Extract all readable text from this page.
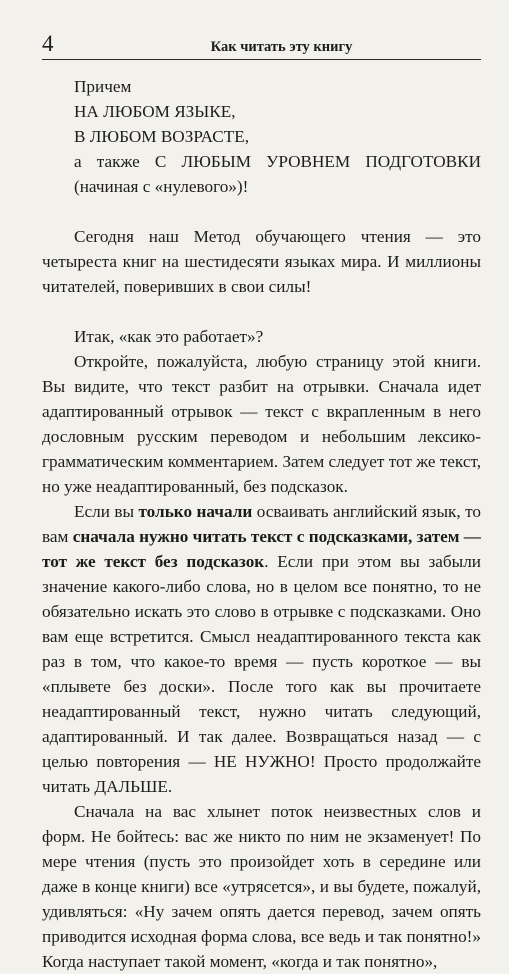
4	Как читать эту книгу
Причем
НА ЛЮБОМ ЯЗЫКЕ,
В ЛЮБОМ ВОЗРАСТЕ,

а также С ЛЮБЫМ УРОВНЕМ ПОДГОТОВКИ (начиная с «нулевого»)!

Сегодня наш Метод обучающего чтения — это четыреста книг на шестидесяти языках мира. И миллионы читателей, поверивших в свои силы!

Итак, «как это работает»?

Откройте, пожалуйста, любую страницу этой книги. Вы видите, что текст разбит на отрывки. Сначала идет адаптированный отрывок — текст с вкрапленным в него дословным русским переводом и небольшим лексико-грамматическим комментарием. Затем следует тот же текст, но уже неадаптированный, без подсказок.

Если вы только начали осваивать английский язык, то вам сначала нужно читать текст с подсказками, затем — тот же текст без подсказок. Если при этом вы забыли значение какого-либо слова, но в целом все понятно, то не обязательно искать это слово в отрывке с подсказками. Оно вам еще встретится. Смысл неадаптированного текста как раз в том, что какое-то время — пусть короткое — вы «плывете без доски». После того как вы прочитаете неадаптированный текст, нужно читать следующий, адаптированный. И так далее. Возвращаться назад — с целью повторения — НЕ НУЖНО! Просто продолжайте читать ДАЛЬШЕ.

Сначала на вас хлынет поток неизвестных слов и форм. Не бойтесь: вас же никто по ним не экзаменует! По мере чтения (пусть это произойдет хоть в середине или даже в конце книги) все «утрясется», и вы будете, пожалуй, удивляться: «Ну зачем опять дается перевод, зачем опять приводится исходная форма слова, все ведь и так понятно!» Когда наступает такой момент, «когда и так понятно»,
